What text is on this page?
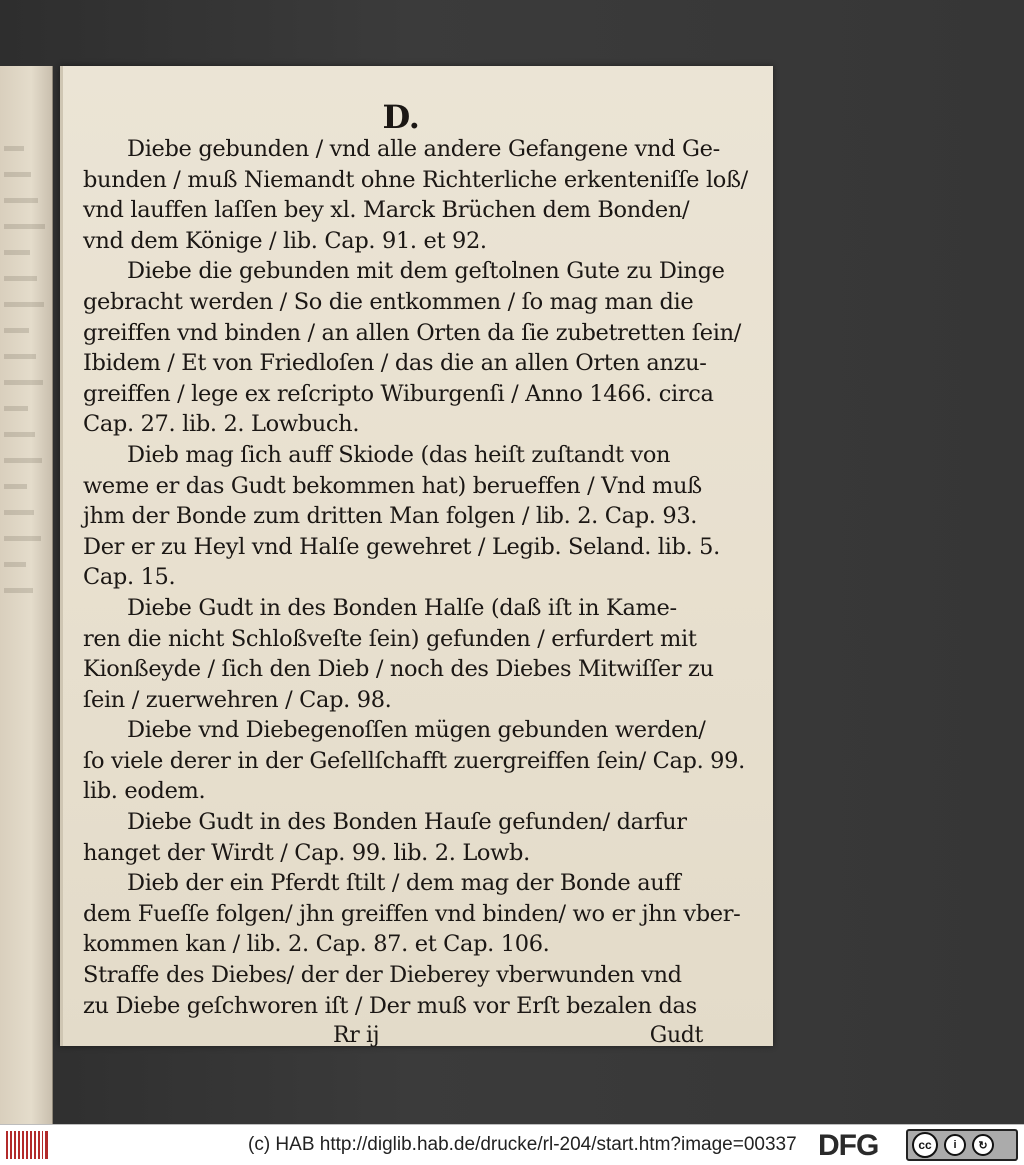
D.
Diebe gebunden / vnd alle andere Gefangene vnd Ge-
bunden / muß Niemandt ohne Richterliche erkenteniſſe loß/
vnd lauffen laſſen bey xl. Marck Brüchen dem Bonden/
vnd dem Könige / lib. Cap. 91. et 92.
Diebe die gebunden mit dem geſtolnen Gute zu Dinge
gebracht werden / So die entkommen / ſo mag man die
greiffen vnd binden / an allen Orten da ſie zubetretten ſein/
Ibidem / Et von Friedloſen / das die an allen Orten anzu-
greiffen / lege ex reſcripto Wiburgenſi / Anno 1466. circa
Cap. 27. lib. 2. Lowbuch.
Dieb mag ſich auff Skiode (das heiſt zuſtandt von
weme er das Gudt bekommen hat) berueffen / Vnd muß
jhm der Bonde zum dritten Man folgen / lib. 2. Cap. 93.
Der er zu Heyl vnd Halſe gewehret / Legib. Seland. lib. 5.
Cap. 15.
Diebe Gudt in des Bonden Halſe (daß iſt in Kame-
ren die nicht Schloßveſte ſein) gefunden / erfurdert mit
Kionßeyde / ſich den Dieb / noch des Diebes Mitwiſſer zu
ſein / zuerwehren / Cap. 98.
Diebe vnd Diebegenoſſen mügen gebunden werden/
ſo viele derer in der Geſellſchafft zuergreiffen ſein/ Cap. 99.
lib. eodem.
Diebe Gudt in des Bonden Hauſe gefunden/ darfur
hanget der Wirdt / Cap. 99. lib. 2. Lowb.
Dieb der ein Pferdt ſtilt / dem mag der Bonde auff
dem Fueſſe folgen/ jhn greiffen vnd binden/ wo er jhn vber-
kommen kan / lib. 2. Cap. 87. et Cap. 106.
Straffe des Diebes/ der der Dieberey vberwunden vnd
zu Diebe geſchworen iſt / Der muß vor Erſt bezalen das
Rr ij	Gudt
(c) HAB http://diglib.hab.de/drucke/rl-204/start.htm?image=00337 DFG	cc	i	↻
